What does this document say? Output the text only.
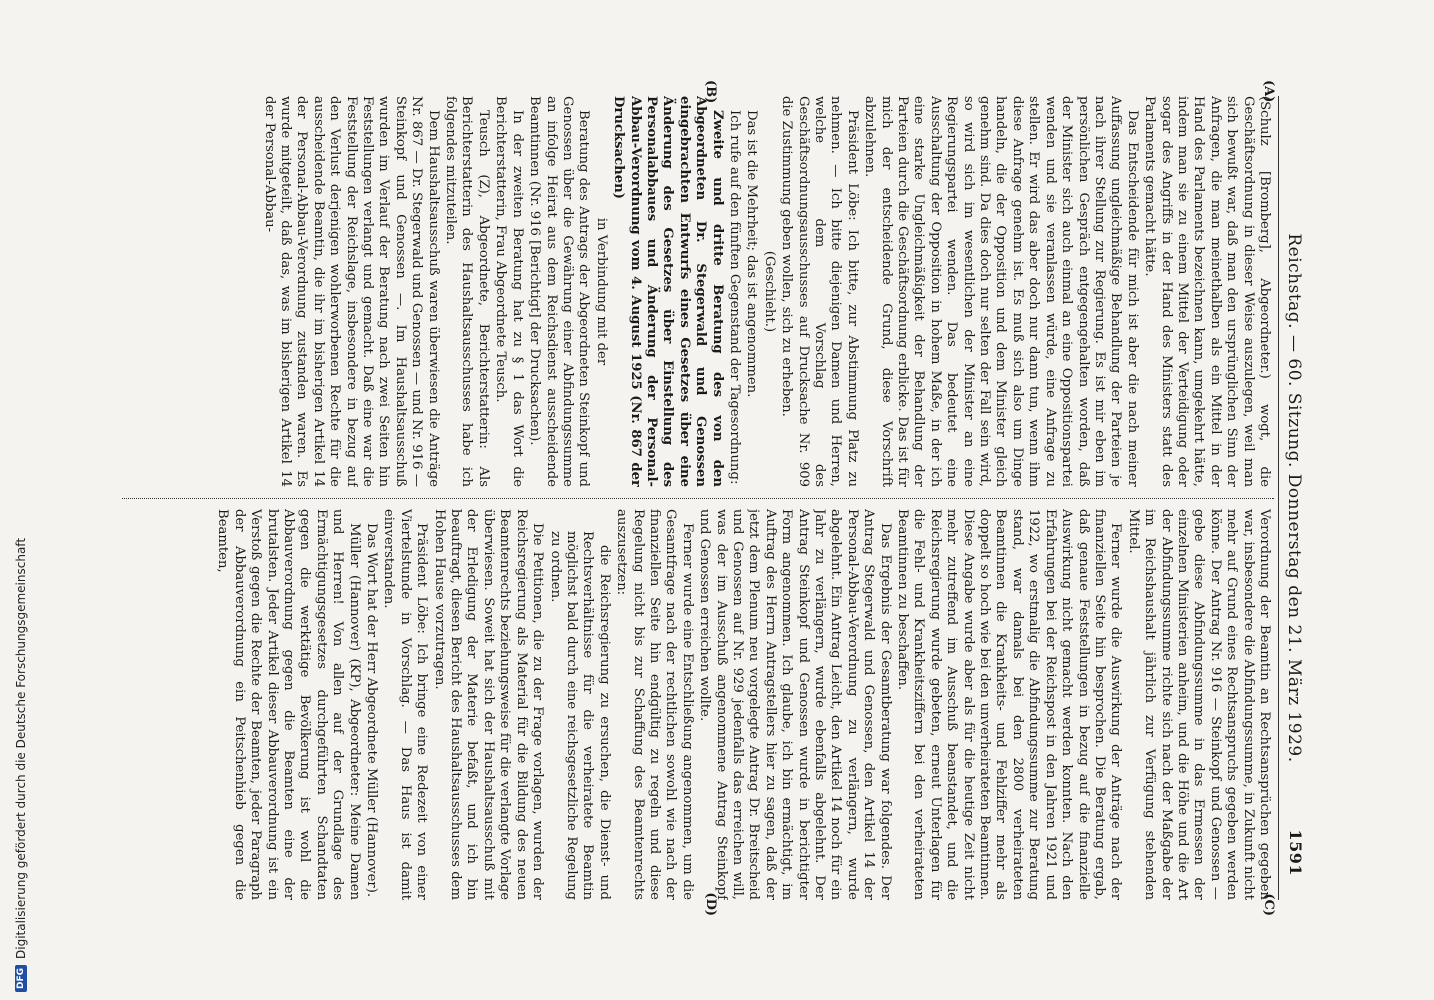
Reichstag. — 60. Sitzung. Donnerstag den 21. März 1929.
1591
(A)
(B)
(C)
(D)

(Schulz [Bromberg], Abgeordneter.) wogt, die Geschäftsordnung in dieser Weise auszulegen, weil man sich bewußt war, daß man den ursprünglichen Sinn der Anfragen, die man meinethalben als ein Mittel in der Hand des Parlaments bezeichnen kann, umgekehrt hätte, indem man sie zu einem Mittel der Verteidigung oder sogar des Angriffs in der Hand des Ministers statt des Parlaments gemacht hätte.

Das Entscheidende für mich ist aber die nach meiner Auffassung ungleichmäßige Behandlung der Parteien je nach ihrer Stellung zur Regierung. Es ist mir eben im persönlichen Gespräch entgegengehalten worden, daß der Minister sich auch einmal an eine Oppositionspartei wenden und sie veranlassen würde, eine Anfrage zu stellen. Er wird das aber doch nur dann tun, wenn ihm diese Anfrage genehm ist. Es muß sich also um Dinge handeln, die der Opposition und dem Minister gleich genehm sind. Da dies doch nur selten der Fall sein wird, so wird sich im wesentlichen der Minister an eine Regierungspartei wenden. Das bedeutet eine Ausschaltung der Opposition in hohem Maße, in der ich eine starke Ungleichmäßigkeit der Behandlung der Parteien durch die Geschäftsordnung erblicke. Das ist für mich der entscheidende Grund, diese Vorschrift abzulehnen.

Präsident Löbe: Ich bitte, zur Abstimmung Platz zu nehmen. — Ich bitte diejenigen Damen und Herren, welche dem Vorschlag des Geschäftsordnungsausschusses auf Drucksache Nr. 909 die Zustimmung geben wollen, sich zu erheben.

(Geschieht.)

Das ist die Mehrheit; das ist angenommen.

Ich rufe auf den fünften Gegenstand der Tagesordnung:

Zweite und dritte Beratung des von den Abgeordneten Dr. Stegerwald und Genossen eingebrachten Entwurfs eines Gesetzes über eine Änderung des Gesetzes über Einstellung des Personalabbaues und Änderung der Personal-Abbau-Verordnung vom 4. August 1925 (Nr. 867 der Drucksachen)

in Verbindung mit der

Beratung des Antrags der Abgeordneten Steinkopf und Genossen über die Gewährung einer Abfindungssumme an infolge Heirat aus dem Reichsdienst ausscheidende Beamtinnen (Nr. 916 [Berichtigt] der Drucksachen).

In der zweiten Beratung hat zu § 1 das Wort die Berichterstatterin, Frau Abgeordnete Teusch.

Teusch (Z), Abgeordnete, Berichterstatterin: Als Berichterstatterin des Haushaltsausschusses habe ich folgendes mitzuteilen.

Dem Haushaltsausschuß waren überwiesen die Anträge Nr. 867 — Dr. Stegerwald und Genossen — und Nr. 916 — Steinkopf und Genossen —. Im Haushaltsausschuß wurden im Verlauf der Beratung nach zwei Seiten hin Feststellungen verlangt und gemacht. Daß eine war die Feststellung der Reichslage, insbesondere in bezug auf den Verlust derjenigen wohlerworbenen Rechte für die ausscheidende Beamtin, die ihr im bisherigen Artikel 14 der Personal-Abbau-Verordnung zustanden waren. Es wurde mitgeteilt, daß das, was im bisherigen Artikel 14 der Personal-Abbau-

Verordnung der Beamtin an Rechtsansprüchen gegeben war, insbesondere die Abfindungssumme, in Zukunft nicht mehr auf Grund eines Rechtsanspruchs gegeben werden könne. Der Antrag Nr. 916 — Steinkopf und Genossen — gebe diese Abfindungssumme in das Ermessen der einzelnen Ministerien anheim, und die Höhe und die Art der Abfindungssumme richte sich nach der Maßgabe der im Reichshaushalt jährlich zur Verfügung stehenden Mittel.

Ferner wurde die Auswirkung der Anträge nach der finanziellen Seite hin besprochen. Die Beratung ergab, daß genaue Feststellungen in bezug auf die finanzielle Auswirkung nicht gemacht werden konnten. Nach den Erfahrungen bei der Reichspost in den Jahren 1921 und 1922, wo erstmalig die Abfindungssumme zur Beratung stand, war damals bei den 2800 verheirateten Beamtinnen die Krankheits- und Fehlziffer mehr als doppelt so hoch wie bei den unverheirateten Beamtinnen. Diese Angabe wurde aber als für die heutige Zeit nicht mehr zutreffend im Ausschuß beanstandet, und die Reichsregierung wurde gebeten, erneut Unterlagen für die Fehl- und Krankheitsziffern bei den verheirateten Beamtinnen zu beschaffen.

Das Ergebnis der Gesamtberatung war folgendes. Der Antrag Stegerwald und Genossen, den Artikel 14 der Personal-Abbau-Verordnung zu verlängern, wurde abgelehnt. Ein Antrag Leicht, den Artikel 14 noch für ein Jahr zu verlängern, wurde ebenfalls abgelehnt. Der Antrag Steinkopf und Genossen wurde in berichtigter Form angenommen. Ich glaube, ich bin ermächtigt, im Auftrag des Herrn Antragstellers hier zu sagen, daß der jetzt dem Plenum neu vorgelegte Antrag Dr. Breitscheid und Genossen auf Nr. 929 jedenfalls das erreichen will, was der im Ausschuß angenommene Antrag Steinkopf und Genossen erreichen wollte.

Ferner wurde eine Entschließung angenommen, um die Gesamtfrage nach der rechtlichen sowohl wie nach der finanziellen Seite hin endgültig zu regeln und diese Regelung nicht bis zur Schaffung des Beamtenrechts auszusetzen:

die Reichsregierung zu ersuchen, die Dienst- und Rechtsverhältnisse für die verheiratete Beamtin möglichst bald durch eine reichsgesetzliche Regelung zu ordnen.

Die Petitionen, die zu der Frage vorlagen, wurden der Reichsregierung als Material für die Bildung des neuen Beamtenrechts beziehungsweise für die verlangte Vorlage überwiesen. Soweit hat sich der Haushaltsausschuß mit der Erledigung der Materie befaßt, und ich bin beauftragt, diesen Bericht des Haushaltsausschusses dem Hohen Hause vorzutragen.

Präsident Löbe: Ich bringe eine Redezeit von einer Viertelstunde in Vorschlag. — Das Haus ist damit einverstanden.

Das Wort hat der Herr Abgeordnete Müller (Hannover).

Müller (Hannover) (KP), Abgeordneter: Meine Damen und Herren! Von allen auf der Grundlage des Ermächtigungsgesetzes durchgeführten Schandtaten gegen die werktätige Bevölkerung ist wohl die Abbauverordnung gegen die Beamten eine der brutalsten. Jeder Artikel dieser Abbauverordnung ist ein Verstoß gegen die Rechte der Beamten, jeder Paragraph der Abbauverordnung ein Peitschenhieb gegen die Beamten,

DFG
Digitalisierung gefördert durch die Deutsche Forschungsgemeinschaft
